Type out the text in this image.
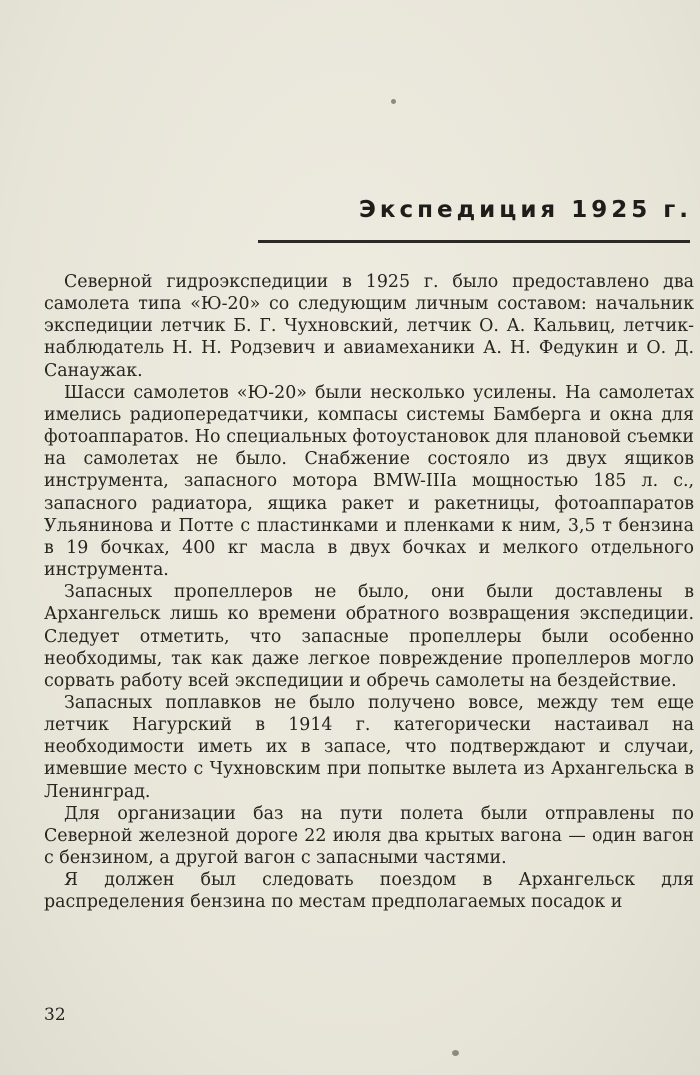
Экспедиция 1925 г.

Северной гидроэкспедиции в 1925 г. было предоставлено два самолета типа «Ю-20» со следующим личным составом: начальник экспедиции летчик Б. Г. Чухновский, летчик О. А. Кальвиц, летчик-наблюдатель Н. Н. Родзевич и авиамеханики А. Н. Федукин и О. Д. Санаужак.

Шасси самолетов «Ю-20» были несколько усилены. На самолетах имелись радиопередатчики, компасы системы Бамберга и окна для фотоаппаратов. Но специальных фотоустановок для плановой съемки на самолетах не было. Снабжение состояло из двух ящиков инструмента, запасного мотора BMW-IIIa мощностью 185 л. с., запасного радиатора, ящика ракет и ракетницы, фотоаппаратов Ульянинова и Потте с пластинками и пленками к ним, 3,5 т бензина в 19 бочках, 400 кг масла в двух бочках и мелкого отдельного инструмента.

Запасных пропеллеров не было, они были доставлены в Архангельск лишь ко времени обратного возвращения экспедиции. Следует отметить, что запасные пропеллеры были особенно необходимы, так как даже легкое повреждение пропеллеров могло сорвать работу всей экспедиции и обречь самолеты на бездействие.

Запасных поплавков не было получено вовсе, между тем еще летчик Нагурский в 1914 г. категорически настаивал на необходимости иметь их в запасе, что подтверждают и случаи, имевшие место с Чухновским при попытке вылета из Архангельска в Ленинград.

Для организации баз на пути полета были отправлены по Северной железной дороге 22 июля два крытых вагона — один вагон с бензином, а другой вагон с запасными частями.

Я должен был следовать поездом в Архангельск для распределения бензина по местам предполагаемых посадок и

32
